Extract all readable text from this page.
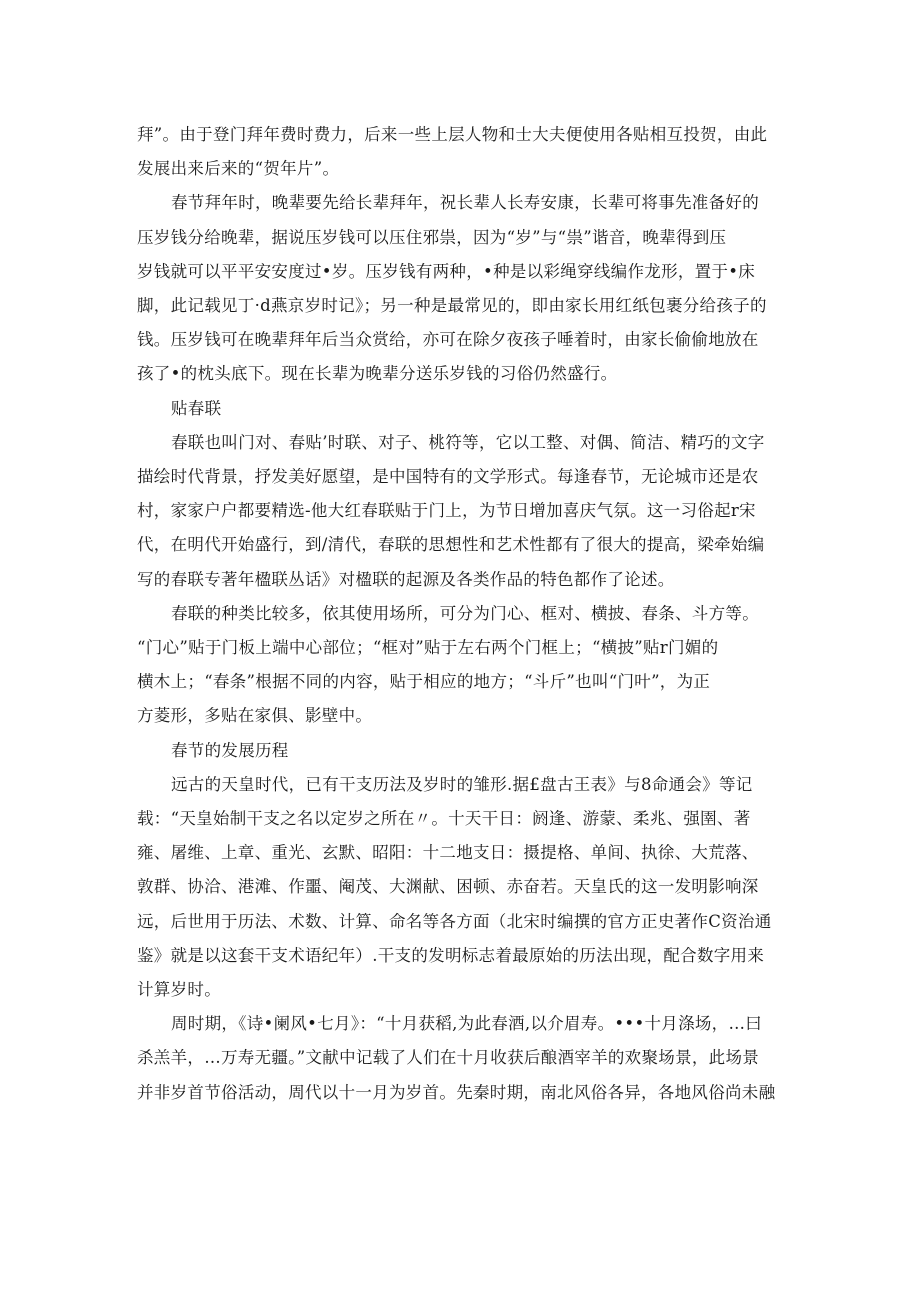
拜”。由于登门拜年费时费力，后来一些上层人物和士大夫便使用各贴相互投贺，由此
发展出来后来的“贺年片”。

春节拜年时，晚辈要先给长辈拜年，祝长辈人长寿安康，长辈可将事先准备好的
压岁钱分给晚辈，据说压岁钱可以压住邪祟，因为“岁”与“祟”谐音，晚辈得到压
岁钱就可以平平安安度过•岁。压岁钱有两种，•种是以彩绳穿线编作龙形，置于•床
脚，此记载见丁·d燕京岁时记》；另一种是最常见的，即由家长用红纸包裹分给孩子的
钱。压岁钱可在晚辈拜年后当众赏给，亦可在除夕夜孩子唾着时，由家长偷偷地放在
孩了•的枕头底下。现在长辈为晚辈分送乐岁钱的习俗仍然盛行。

贴春联

春联也叫门对、春贴’时联、对子、桃符等，它以工整、对偶、简洁、精巧的文字
描绘时代背景，抒发美好愿望，是中国特有的文学形式。每逢春节，无论城市还是农
村，家家户户都要精选-他大红春联贴于门上，为节日增加喜庆气氛。这一习俗起r宋
代，在明代开始盛行，到/清代，春联的思想性和艺术性都有了很大的提高，梁牵始编
写的春联专著年楹联丛话》对楹联的起源及各类作品的特色都作了论述。

春联的种类比较多，依其使用场所，可分为门心、框对、横披、春条、斗方等。
“门心”贴于门板上端中心部位；“框对”贴于左右两个门框上；“横披”贴r门媚的
横木上；“春条”根据不同的内容，贴于相应的地方；“斗斤”也叫“门叶”，为正
方菱形，多贴在家俱、影壁中。

春节的发展历程

远古的天皇时代，已有干支历法及岁时的雏形.据£盘古王表》与8命通会》等记
载：“天皇始制干支之名以定岁之所在〃。十天干日：阏逢、游蒙、柔兆、强圉、著
雍、屠维、上章、重光、玄默、昭阳：十二地支日：摄提格、单间、执徐、大荒落、
敦群、协洽、港滩、作噩、阉茂、大渊献、困顿、赤奋若。天皇氏的这一发明影响深
远，后世用于历法、术数、计算、命名等各方面（北宋时编撰的官方正史著作C资治通
鉴》就是以这套干支术语纪年）.干支的发明标志着最原始的历法出现，配合数字用来
计算岁时。

周时期，《诗•阑风•七月》：“十月获稻,为此春酒,以介眉寿。•••十月涤场，…曰
杀羔羊，…万寿无疆。”文献中记载了人们在十月收获后酿酒宰羊的欢聚场景，此场景
并非岁首节俗活动，周代以十一月为岁首。先秦时期，南北风俗各异，各地风俗尚未融
